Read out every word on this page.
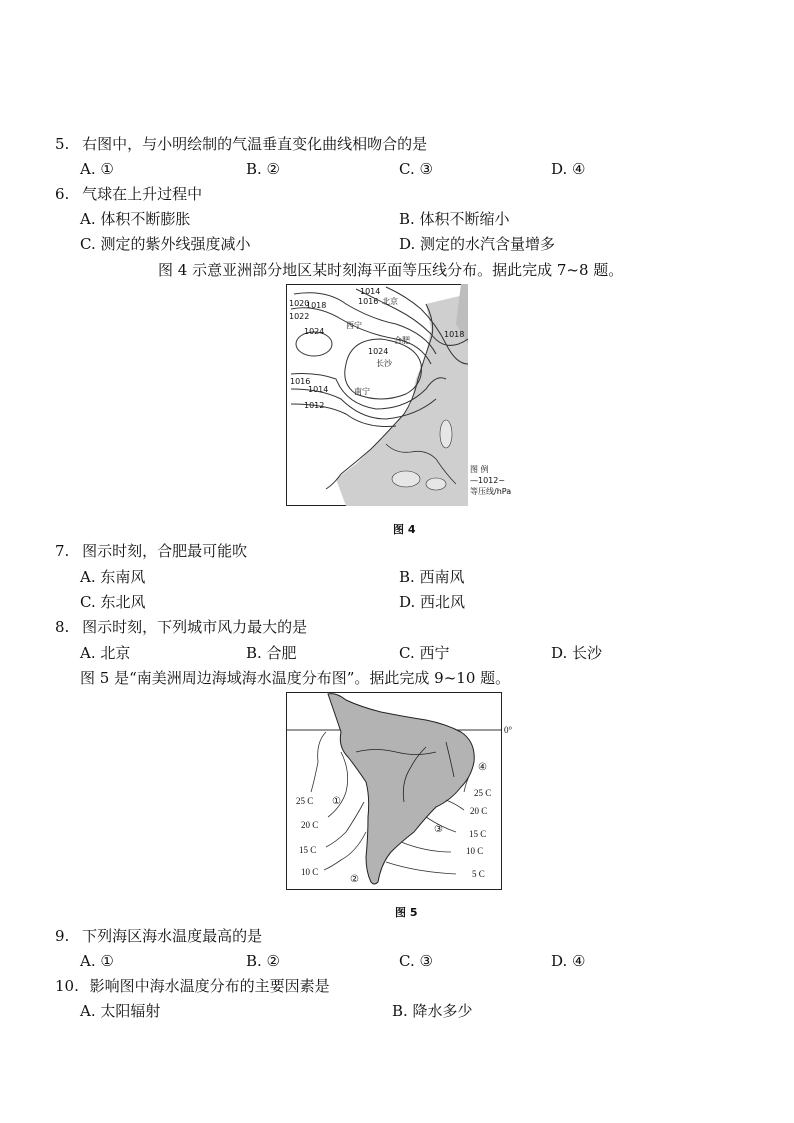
5. 右图中，与小明绘制的气温垂直变化曲线相吻合的是
A. ①	B. ②	C. ③	D. ④
6. 气球在上升过程中
A. 体积不断膨胀	B. 体积不断缩小
C. 测定的紫外线强度减小	D. 测定的水汽含量增多
图 4 示意亚洲部分地区某时刻海平面等压线分布。据此完成 7~8 题。
1014
1016
1018
1020
1022
1024
1024
1018
1016
1014
1012
北京
西宁
合肥
长沙
南宁
图 例
—1012~
等压线/hPa
图 4
7. 图示时刻，合肥最可能吹
A. 东南风	B. 西南风
C. 东北风	D. 西北风
8. 图示时刻，下列城市风力最大的是
A. 北京	B. 合肥	C. 西宁	D. 长沙
图 5 是“南美洲周边海域海水温度分布图”。据此完成 9~10 题。
0°
①
②
③
④
25 C
20 C
15 C
10 C
25 C
20 C
15 C
10 C
5 C
图 5
9. 下列海区海水温度最高的是
A. ①	B. ②	C. ③	D. ④
10. 影响图中海水温度分布的主要因素是
A. 太阳辐射	B. 降水多少
